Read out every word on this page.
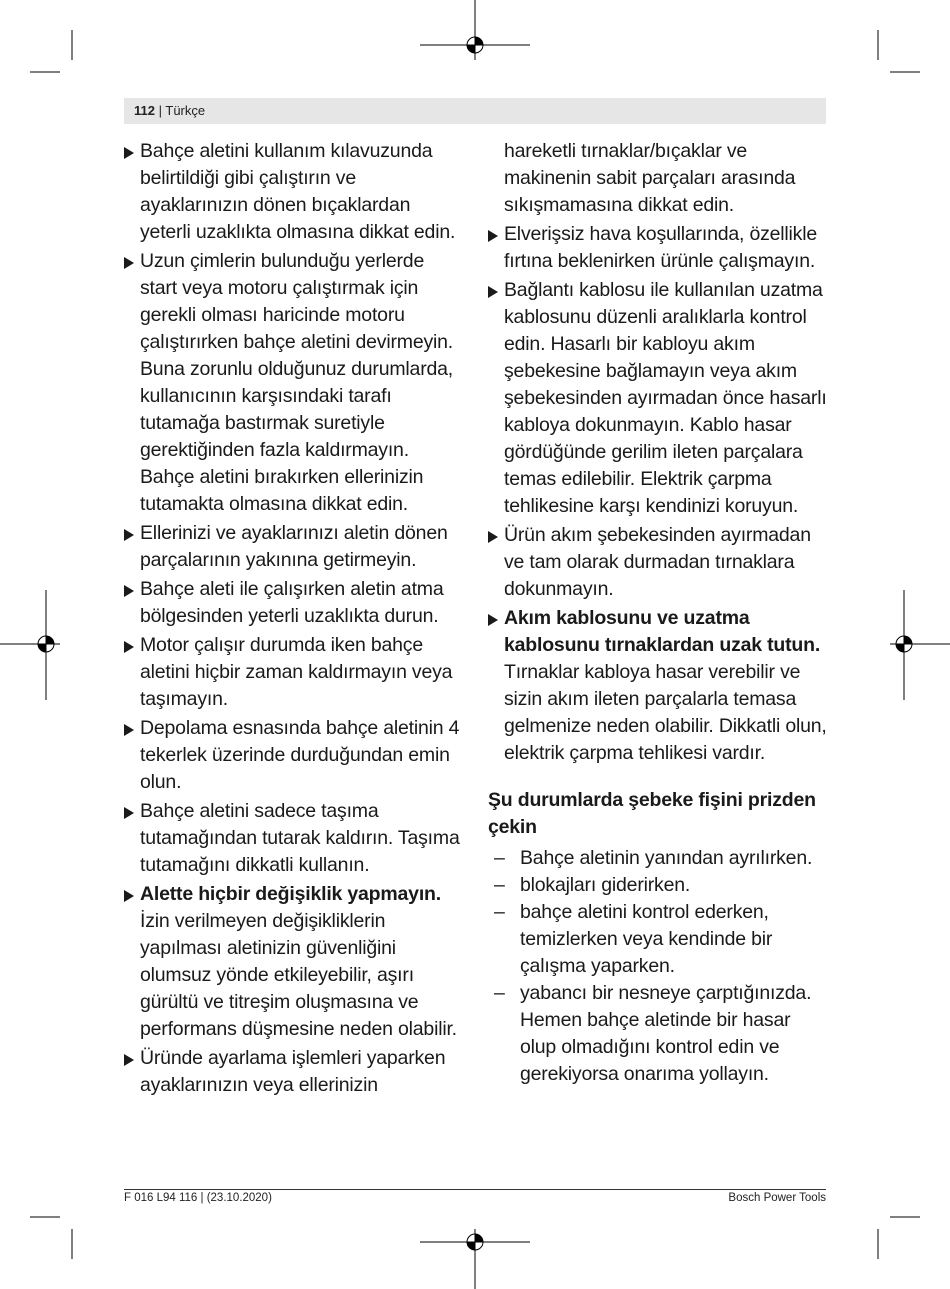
112 | Türkçe
Bahçe aletini kullanım kılavuzunda belirtildiği gibi çalıştırın ve ayaklarınızın dönen bıçaklardan yeterli uzaklıkta olmasına dikkat edin.
Uzun çimlerin bulunduğu yerlerde start veya motoru çalıştırmak için gerekli olması haricinde motoru çalıştırırken bahçe aletini devirmeyin. Buna zorunlu olduğunuz durumlarda, kullanıcının karşısındaki tarafı tutamağa bastırmak suretiyle gerektiğinden fazla kaldırmayın. Bahçe aletini bırakırken ellerinizin tutamakta olmasına dikkat edin.
Ellerinizi ve ayaklarınızı aletin dönen parçalarının yakınına getirmeyin.
Bahçe aleti ile çalışırken aletin atma bölgesinden yeterli uzaklıkta durun.
Motor çalışır durumda iken bahçe aletini hiçbir zaman kaldırmayın veya taşımayın.
Depolama esnasında bahçe aletinin 4 tekerlek üzerinde durduğundan emin olun.
Bahçe aletini sadece taşıma tutamağından tutarak kaldırın. Taşıma tutamağını dikkatli kullanın.
Alette hiçbir değişiklik yapmayın. İzin verilmeyen değişikliklerin yapılması aletinizin güvenliğini olumsuz yönde etkileyebilir, aşırı gürültü ve titreşim oluşmasına ve performans düşmesine neden olabilir.
Üründe ayarlama işlemleri yaparken ayaklarınızın veya ellerinizin
hareketli tırnaklar/bıçaklar ve makinenin sabit parçaları arasında sıkışmamasına dikkat edin.
Elverişsiz hava koşullarında, özellikle fırtına beklenirken ürünle çalışmayın.
Bağlantı kablosu ile kullanılan uzatma kablosunu düzenli aralıklarla kontrol edin. Hasarlı bir kabloyu akım şebekesine bağlamayın veya akım şebekesinden ayırmadan önce hasarlı kabloya dokunmayın. Kablo hasar gördüğünde gerilim ileten parçalara temas edilebilir. Elektrik çarpma tehlikesine karşı kendinizi koruyun.
Ürün akım şebekesinden ayırmadan ve tam olarak durmadan tırnaklara dokunmayın.
Akım kablosunu ve uzatma kablosunu tırnaklardan uzak tutun. Tırnaklar kabloya hasar verebilir ve sizin akım ileten parçalarla temasa gelmenize neden olabilir. Dikkatli olun, elektrik çarpma tehlikesi vardır.
Şu durumlarda şebeke fişini prizden çekin
– Bahçe aletinin yanından ayrılırken.
– blokajları giderirken.
– bahçe aletini kontrol ederken, temizlerken veya kendinde bir çalışma yaparken.
– yabancı bir nesneye çarptığınızda. Hemen bahçe aletinde bir hasar olup olmadığını kontrol edin ve gerekiyorsa onarıma yollayın.
F 016 L94 116 | (23.10.2020)	Bosch Power Tools
